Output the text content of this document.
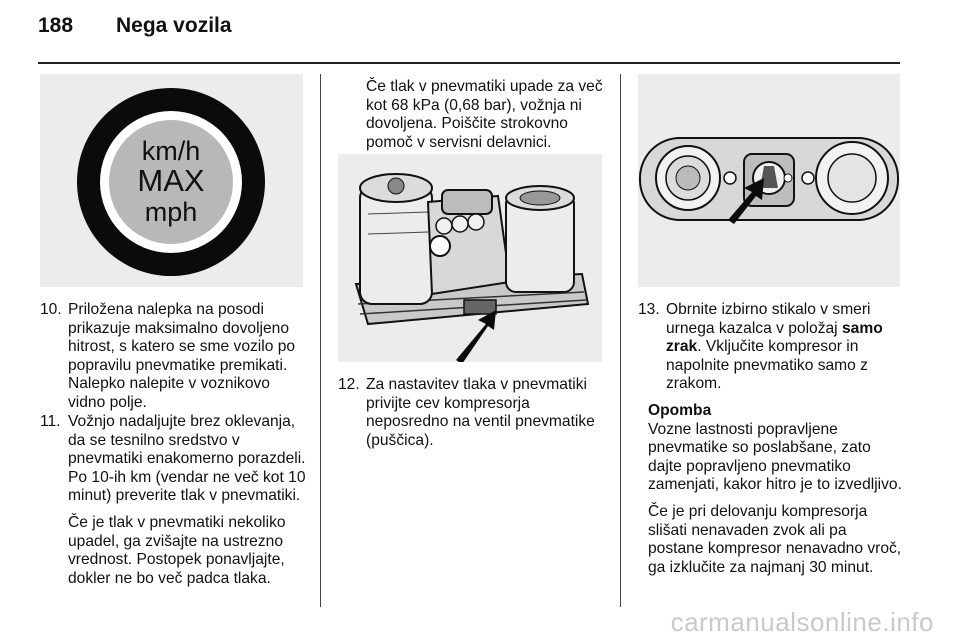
188	Nega vozila
km/h
MAX
mph
10. Priložena nalepka na posodi prikazuje maksimalno dovoljeno hitrost, s katero se sme vozilo po popravilu pnevmatike premikati. Nalepko nalepite v voznikovo vidno polje.
11. Vožnjo nadaljujte brez oklevanja, da se tesnilno sredstvo v pnevmatiki enakomerno porazdeli. Po 10-ih km (vendar ne več kot 10 minut) preverite tlak v pnevmatiki.
Če je tlak v pnevmatiki nekoliko upadel, ga zvišajte na ustrezno vrednost. Postopek ponavljajte, dokler ne bo več padca tlaka.
Če tlak v pnevmatiki upade za več kot 68 kPa (0,68 bar), vožnja ni dovoljena. Poiščite strokovno pomoč v servisni delavnici.
12. Za nastavitev tlaka v pnevmatiki privijte cev kompresorja neposredno na ventil pnevmatike (puščica).
13. Obrnite izbirno stikalo v smeri urnega kazalca v položaj samo zrak. Vključite kompresor in napolnite pnevmatiko samo z zrakom.
Opomba
Vozne lastnosti popravljene pnevmatike so poslabšane, zato dajte popravljeno pnevmatiko zamenjati, kakor hitro je to izvedljivo.
Če je pri delovanju kompresorja slišati nenavaden zvok ali pa postane kompresor nenavadno vroč, ga izklučite za najmanj 30 minut.
carmanualsonline.info
